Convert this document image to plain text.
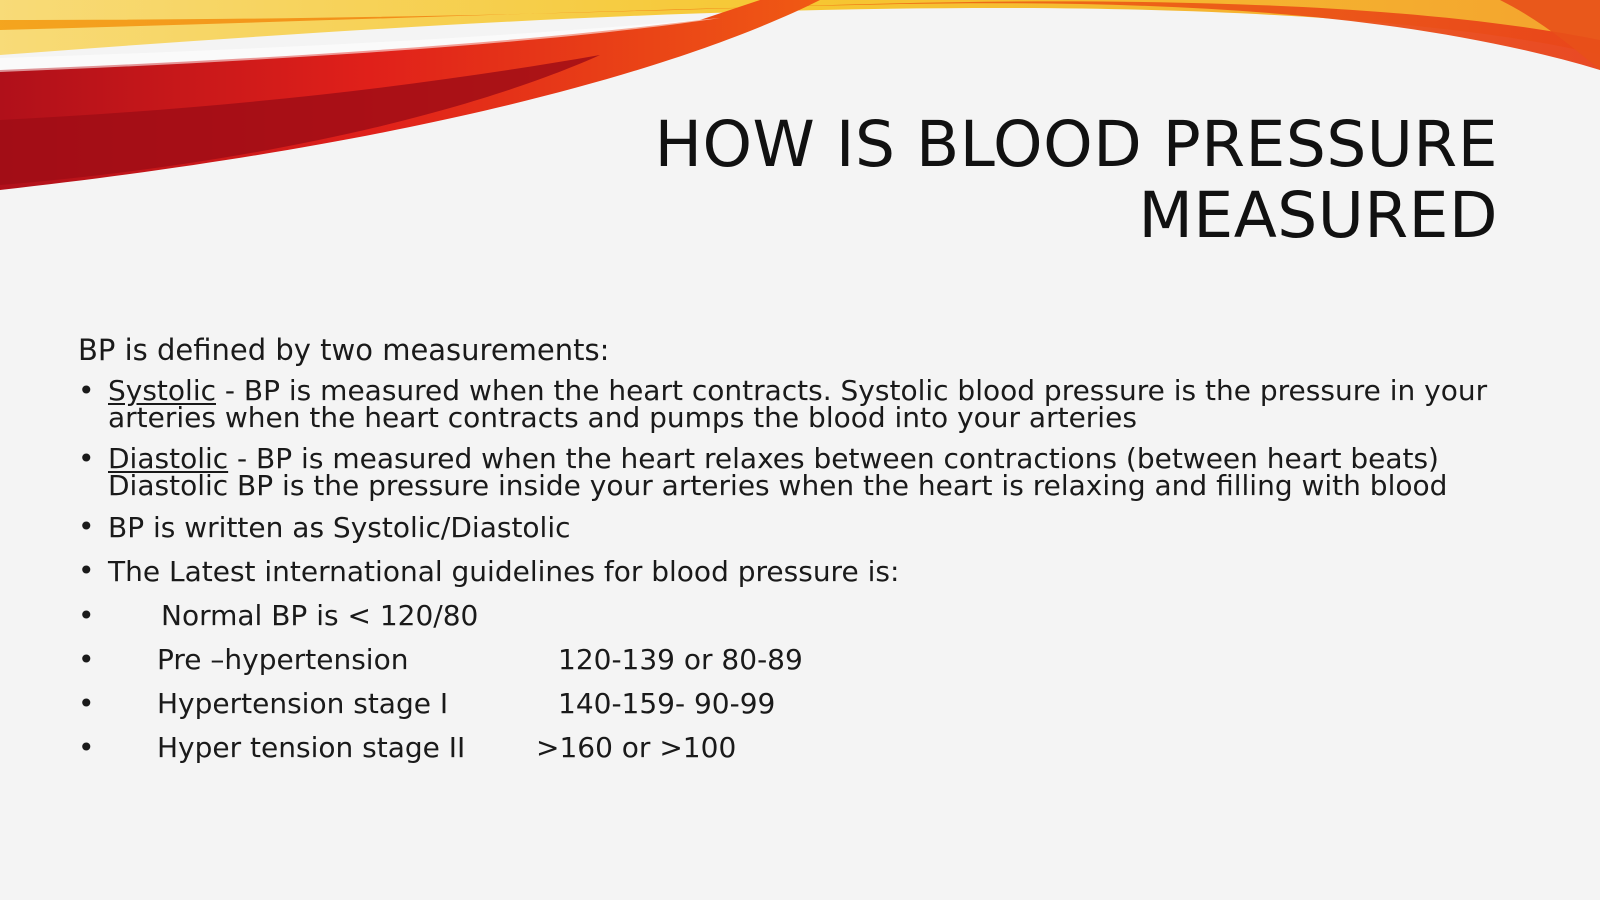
HOW IS BLOOD PRESSURE
MEASURED

BP is defined by two measurements:

• Systolic - BP is measured when the heart contracts. Systolic blood pressure is the pressure in your arteries when the heart contracts and pumps the blood into your arteries
• Diastolic - BP is measured when the heart relaxes between contractions (between heart beats) Diastolic BP is the pressure inside your arteries when the heart is relaxing and filling with blood
• BP is written as Systolic/Diastolic
• The Latest international guidelines for blood pressure is:
• Normal BP is < 120/80
• Pre –hypertension	120-139 or 80-89
• Hypertension stage I	140-159- 90-99
• Hyper tension stage II	>160 or >100
